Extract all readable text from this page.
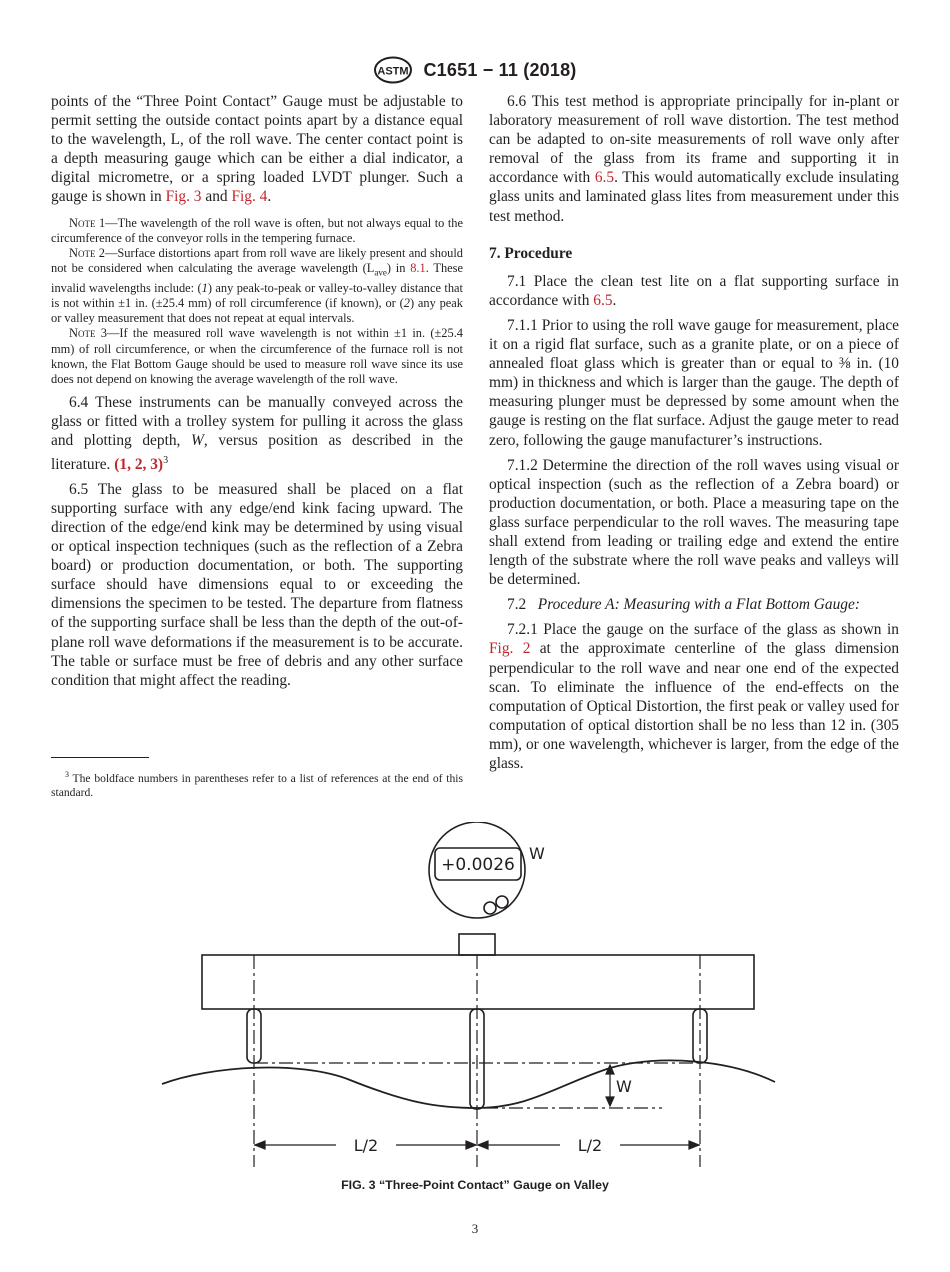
ASTM C1651 − 11 (2018)

points of the “Three Point Contact” Gauge must be adjustable to permit setting the outside contact points apart by a distance equal to the wavelength, L, of the roll wave. The center contact point is a depth measuring gauge which can be either a dial indicator, a digital micrometre, or a spring loaded LVDT plunger. Such a gauge is shown in Fig. 3 and Fig. 4.

Note 1—The wavelength of the roll wave is often, but not always equal to the circumference of the conveyor rolls in the tempering furnace.

Note 2—Surface distortions apart from roll wave are likely present and should not be considered when calculating the average wavelength $(L_{ave})$ in 8.1. These invalid wavelengths include: (1) any peak-to-peak or valley-to-valley distance that is not within ±1 in. (±25.4 mm) of roll circumference (if known), or (2) any peak or valley measurement that does not repeat at equal intervals.

Note 3—If the measured roll wave wavelength is not within ±1 in. (±25.4 mm) of roll circumference, or when the circumference of the furnace roll is not known, the Flat Bottom Gauge should be used to measure roll wave since its use does not depend on knowing the average wavelength of the roll wave.

6.4 These instruments can be manually conveyed across the glass or fitted with a trolley system for pulling it across the glass and plotting depth, W, versus position as described in the literature. (1, 2, 3)$^3$

6.5 The glass to be measured shall be placed on a flat supporting surface with any edge/end kink facing upward. The direction of the edge/end kink may be determined by using visual or optical inspection techniques (such as the reflection of a Zebra board) or production documentation, or both. The supporting surface should have dimensions equal to or exceeding the dimensions the specimen to be tested. The departure from flatness of the supporting surface shall be less than the depth of the out-of-plane roll wave deformations if the measurement is to be accurate. The table or surface must be free of debris and any other surface condition that might affect the reading.

$^3$ The boldface numbers in parentheses refer to a list of references at the end of this standard.

6.6 This test method is appropriate principally for in-plant or laboratory measurement of roll wave distortion. The test method can be adapted to on-site measurements of roll wave only after removal of the glass from its frame and supporting it in accordance with 6.5. This would automatically exclude insulating glass units and laminated glass lites from measurement under this test method.

7. Procedure

7.1 Place the clean test lite on a flat supporting surface in accordance with 6.5.

7.1.1 Prior to using the roll wave gauge for measurement, place it on a rigid flat surface, such as a granite plate, or on a piece of annealed float glass which is greater than or equal to ⅜ in. (10 mm) in thickness and which is larger than the gauge. The depth of measuring plunger must be depressed by some amount when the gauge is resting on the flat surface. Adjust the gauge meter to read zero, following the gauge manufacturer’s instructions.

7.1.2 Determine the direction of the roll waves using visual or optical inspection (such as the reflection of a Zebra board) or production documentation, or both. Place a measuring tape on the glass surface perpendicular to the roll waves. The measuring tape shall extend from leading or trailing edge and extend the entire length of the substrate where the roll wave peaks and valleys will be determined.

7.2 Procedure A: Measuring with a Flat Bottom Gauge:

7.2.1 Place the gauge on the surface of the glass as shown in Fig. 2 at the approximate centerline of the glass dimension perpendicular to the roll wave and near one end of the expected scan. To eliminate the influence of the end-effects on the computation of Optical Distortion, the first peak or valley used for computation of optical distortion shall be no less than 12 in. (305 mm), or one wavelength, whichever is larger, from the edge of the glass.

+0.0026
W
W
L/2	L/2
FIG. 3 “Three-Point Contact” Gauge on Valley
3
